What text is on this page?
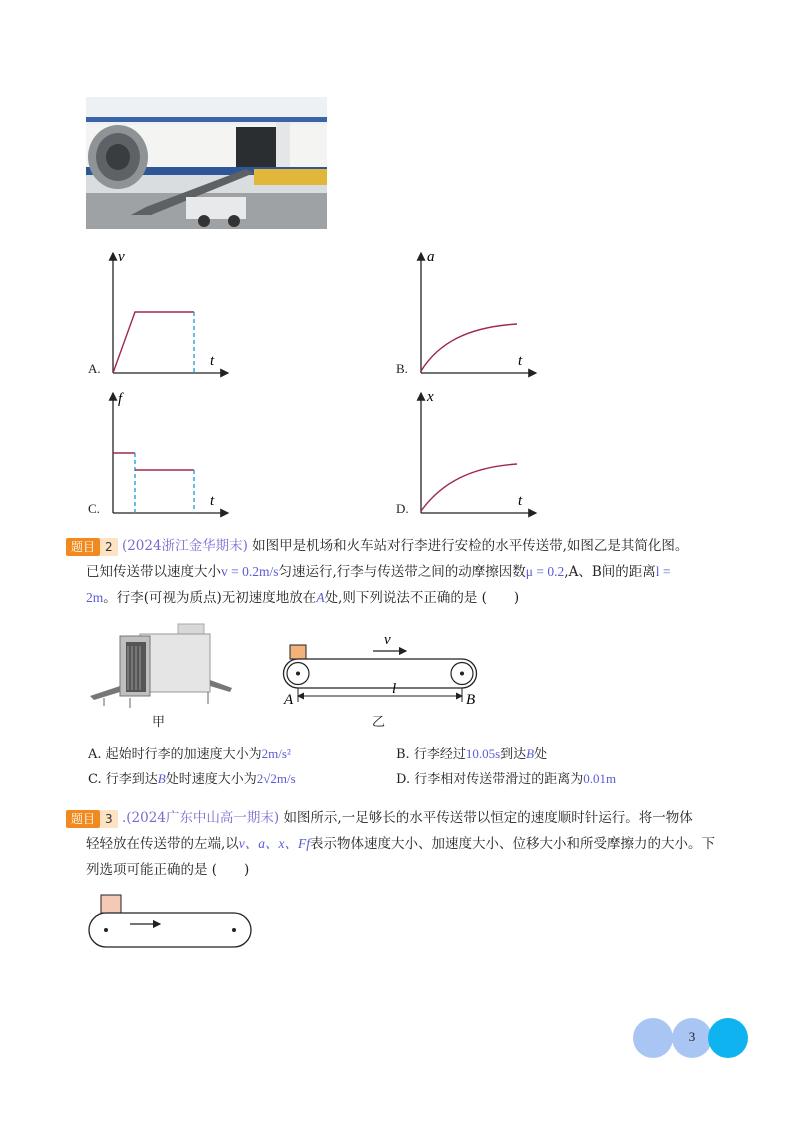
A.
v
t	B.
a
t
C.
f
t	D.
x
t
题目 2 (2024浙江金华期末) 如图甲是机场和火车站对行李进行安检的水平传送带,如图乙是其简化图。
已知传送带以速度大小v = 0.2m/s匀速运行,行李与传送带之间的动摩擦因数μ = 0.2,A、B间的距离l =
2m。行李(可视为质点)无初速度地放在A处,则下列说法不正确的是 (　　)
甲
v
l
A	B
乙
A. 起始时行李的加速度大小为2m/s²	B. 行李经过10.05s到达B处
C. 行李到达B处时速度大小为2√2m/s	D. 行李相对传送带滑过的距离为0.01m
题目 3 .(2024广东中山高一期末) 如图所示,一足够长的水平传送带以恒定的速度顺时针运行。将一物体
轻轻放在传送带的左端,以v、a、x、Ff表示物体速度大小、加速度大小、位移大小和所受摩擦力的大小。下
列选项可能正确的是 (　　)
3
